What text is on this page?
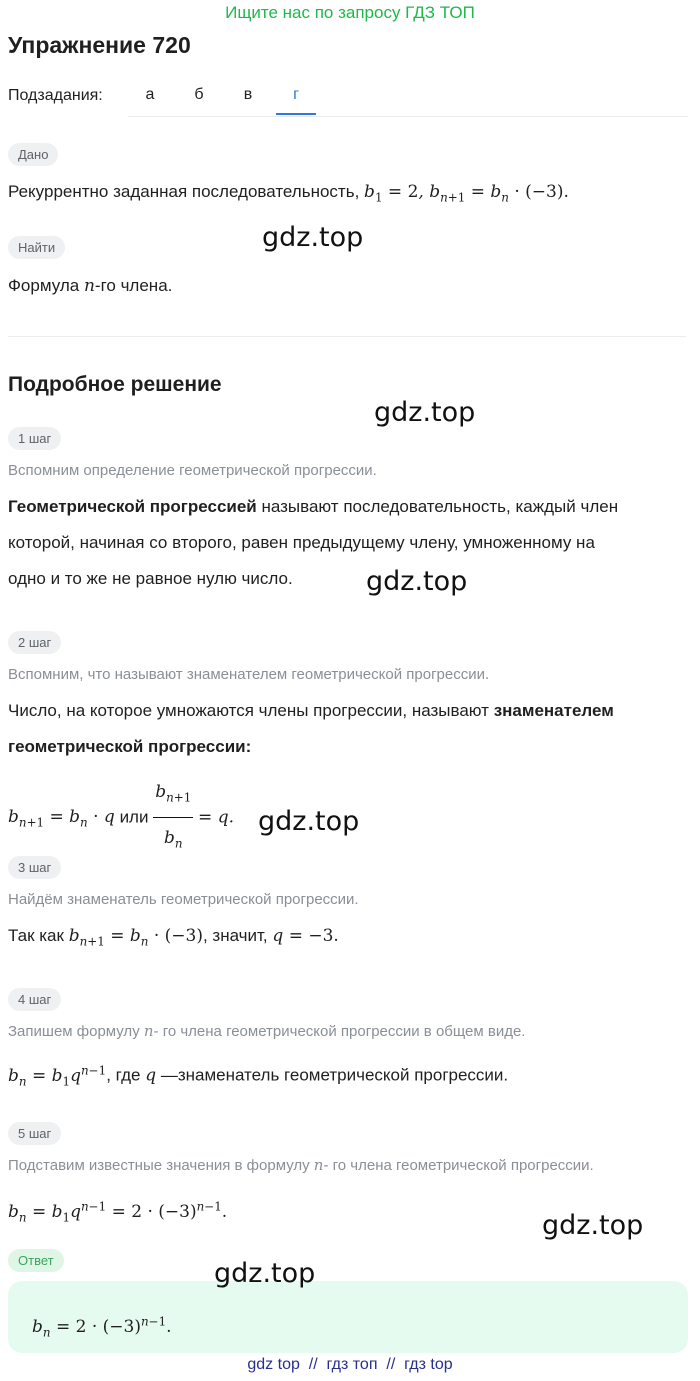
Ищите нас по запросу ГДЗ ТОП
Упражнение 720
Подзадания:	а	б	в	г
Дано
Рекуррентно заданная последовательность, $b_1 = 2$, $b_{n+1} = b_n \cdot (-3)$.
Найти
Формула n-го члена.
Подробное решение
1 шаг
Вспомним определение геометрической прогрессии.
Геометрической прогрессией называют последовательность, каждый член
которой, начиная со второго, равен предыдущему члену, умноженному на
одно и то же не равное нулю число.
2 шаг
Вспомним, что называют знаменателем геометрической прогрессии.
Число, на которое умножаются члены прогрессии, называют знаменателем
геометрической прогрессии:
$b_{n+1} = b_n \cdot q$ или $\frac{b_{n+1}}{b_n} = q$.
3 шаг
Найдём знаменатель геометрической прогрессии.
Так как $b_{n+1} = b_n \cdot (-3)$, значит, q = −3.
4 шаг
Запишем формулу n- го члена геометрической прогрессии в общем виде.
$b_n = b_1q^{n-1}$, где q —знаменатель геометрической прогрессии.
5 шаг
Подставим известные значения в формулу n- го члена геометрической прогрессии.
$b_n = b_1q^{n-1} = 2 \cdot (-3)^{n-1}$.
Ответ
$b_n = 2 \cdot (-3)^{n-1}$.
gdz.top
gdz.top
gdz.top
gdz.top
gdz.top
gdz.top
gdz top  //  гдз топ  //  гдз top
